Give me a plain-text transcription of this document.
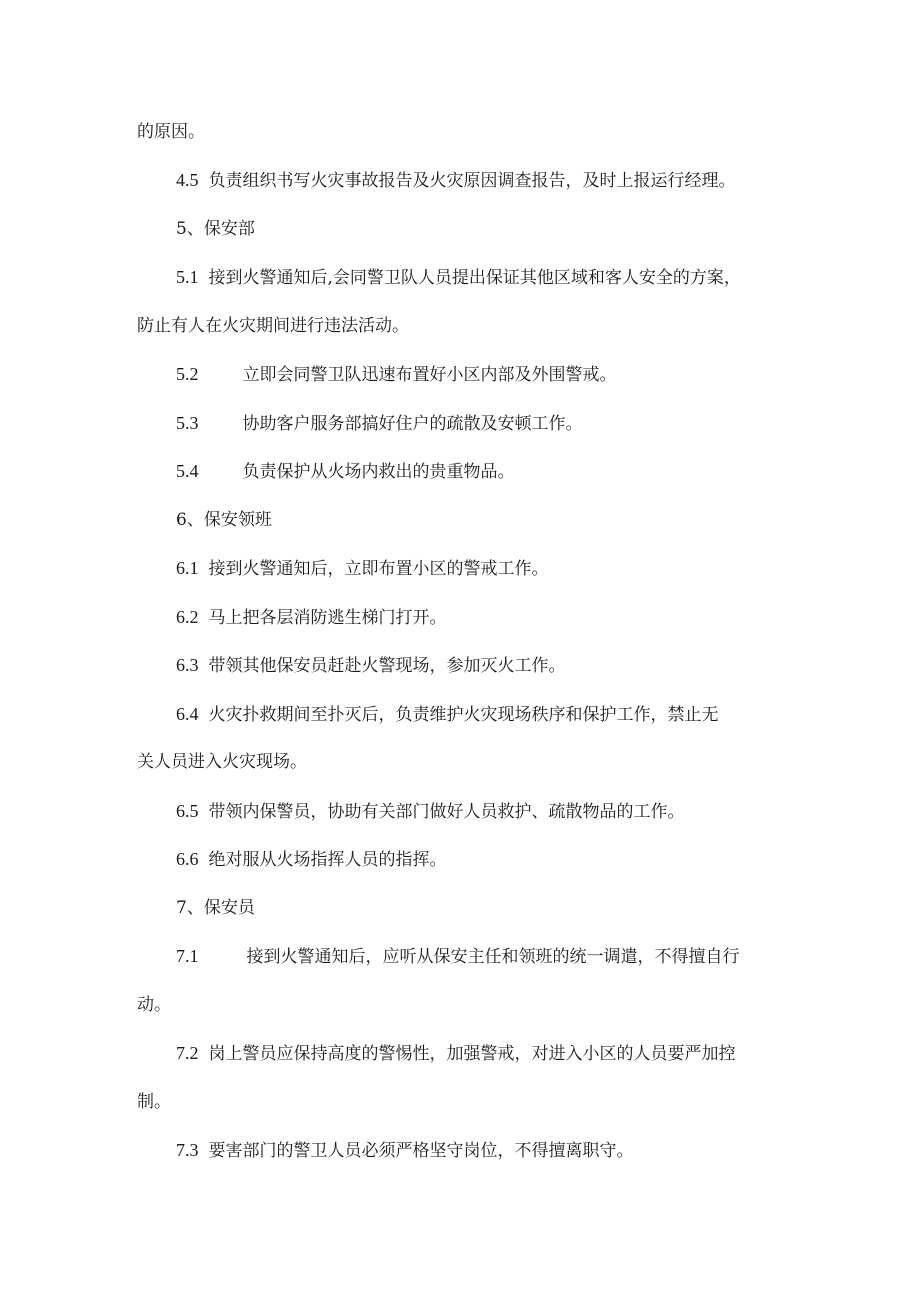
的原因。
4.5 负责组织书写火灾事故报告及火灾原因调查报告，及时上报运行经理。
5、保安部
5.1 接到火警通知后,会同警卫队人员提出保证其他区域和客人安全的方案，
防止有人在火灾期间进行违法活动。
5.2	立即会同警卫队迅速布置好小区内部及外围警戒。
5.3	协助客户服务部搞好住户的疏散及安顿工作。
5.4	负责保护从火场内救出的贵重物品。
6、保安领班
6.1 接到火警通知后，立即布置小区的警戒工作。
6.2 马上把各层消防逃生梯门打开。
6.3 带领其他保安员赶赴火警现场，参加灭火工作。
6.4 火灾扑救期间至扑灭后，负责维护火灾现场秩序和保护工作，禁止无
关人员进入火灾现场。
6.5 带领内保警员，协助有关部门做好人员救护、疏散物品的工作。
6.6 绝对服从火场指挥人员的指挥。
7、保安员
7.1	接到火警通知后，应听从保安主任和领班的统一调遣，不得擅自行
动。
7.2 岗上警员应保持高度的警惕性，加强警戒，对进入小区的人员要严加控
制。
7.3 要害部门的警卫人员必须严格坚守岗位，不得擅离职守。
